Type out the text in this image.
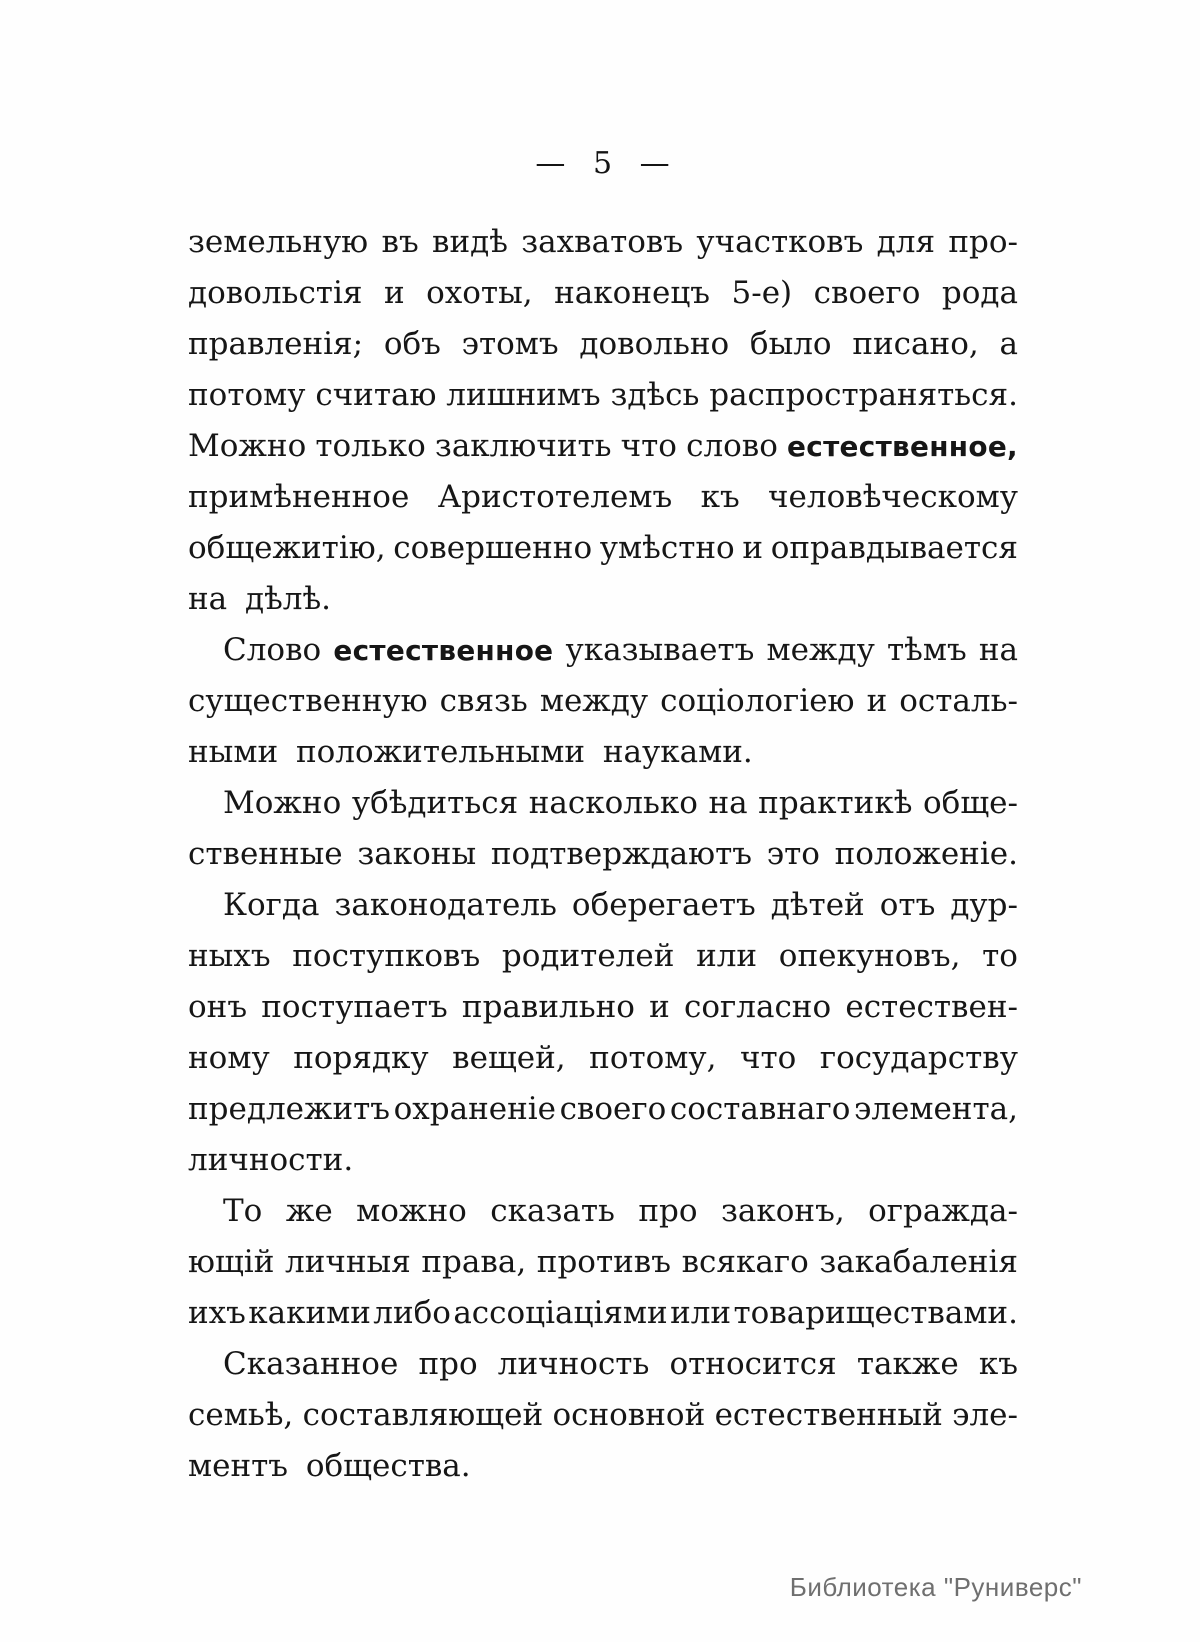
— 5 —
земельную въ видѣ захватовъ участковъ для про-
довольстія и охоты, наконецъ 5-е) своего рода
правленія; объ этомъ довольно было писано, а
потому считаю лишнимъ здѣсь распространяться.
Можно только заключить что слово естественное,
примѣненное Аристотелемъ къ человѣческому
общежитію, совершенно умѣстно и оправдывается
на дѣлѣ.
Слово естественное указываетъ между тѣмъ на
существенную связь между соціологіею и осталь-
ными положительными науками.
Можно убѣдиться насколько на практикѣ обще-
ственные законы подтверждаютъ это положеніе.
Когда законодатель оберегаетъ дѣтей отъ дур-
ныхъ поступковъ родителей или опекуновъ, то
онъ поступаетъ правильно и согласно естествен-
ному порядку вещей, потому, что государству
предлежитъ охраненіе своего составнаго элемента,
личности.
То же можно сказать про законъ, огражда-
ющій личныя права, противъ всякаго закабаленія
ихъ какими либо ассоціаціями или товариществами.
Сказанное про личность относится также къ
семьѣ, составляющей основной естественный эле-
ментъ общества.
Библиотека "Руниверс"
